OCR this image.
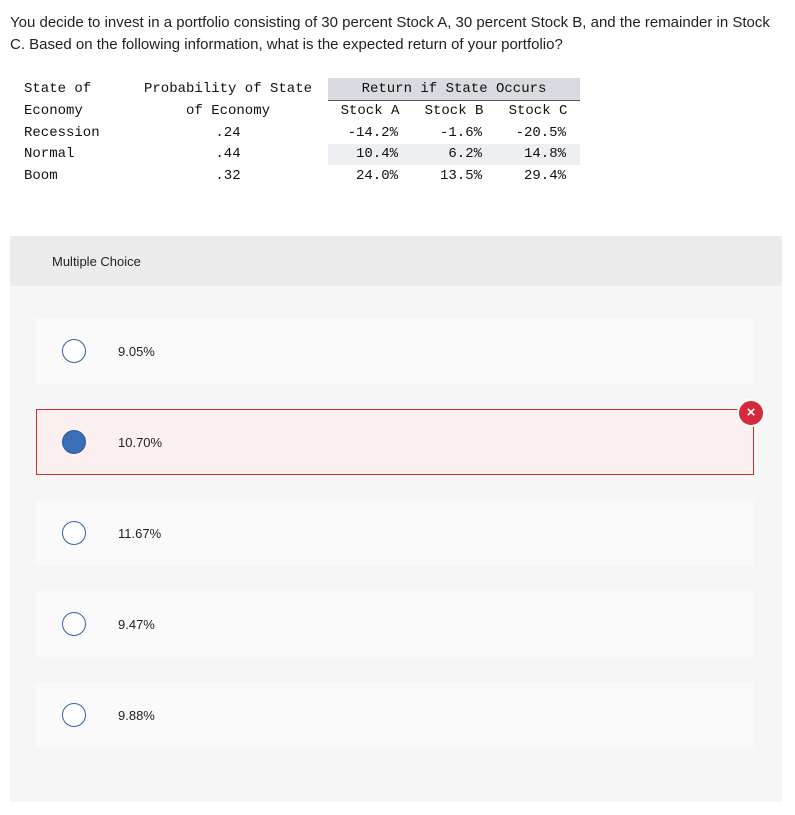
You decide to invest in a portfolio consisting of 30 percent Stock A, 30 percent Stock B, and the remainder in Stock C. Based on the following information, what is the expected return of your portfolio?
State of	Probability of State	Return if State Occurs		
Economy	of Economy	Stock A	Stock B	Stock C
Recession	.24	-14.2%	-1.6%	-20.5%
Normal	.44	10.4%	6.2%	14.8%
Boom	.32	24.0%	13.5%	29.4%
Multiple Choice
9.05%
10.70%
11.67%
9.47%
9.88%
×
